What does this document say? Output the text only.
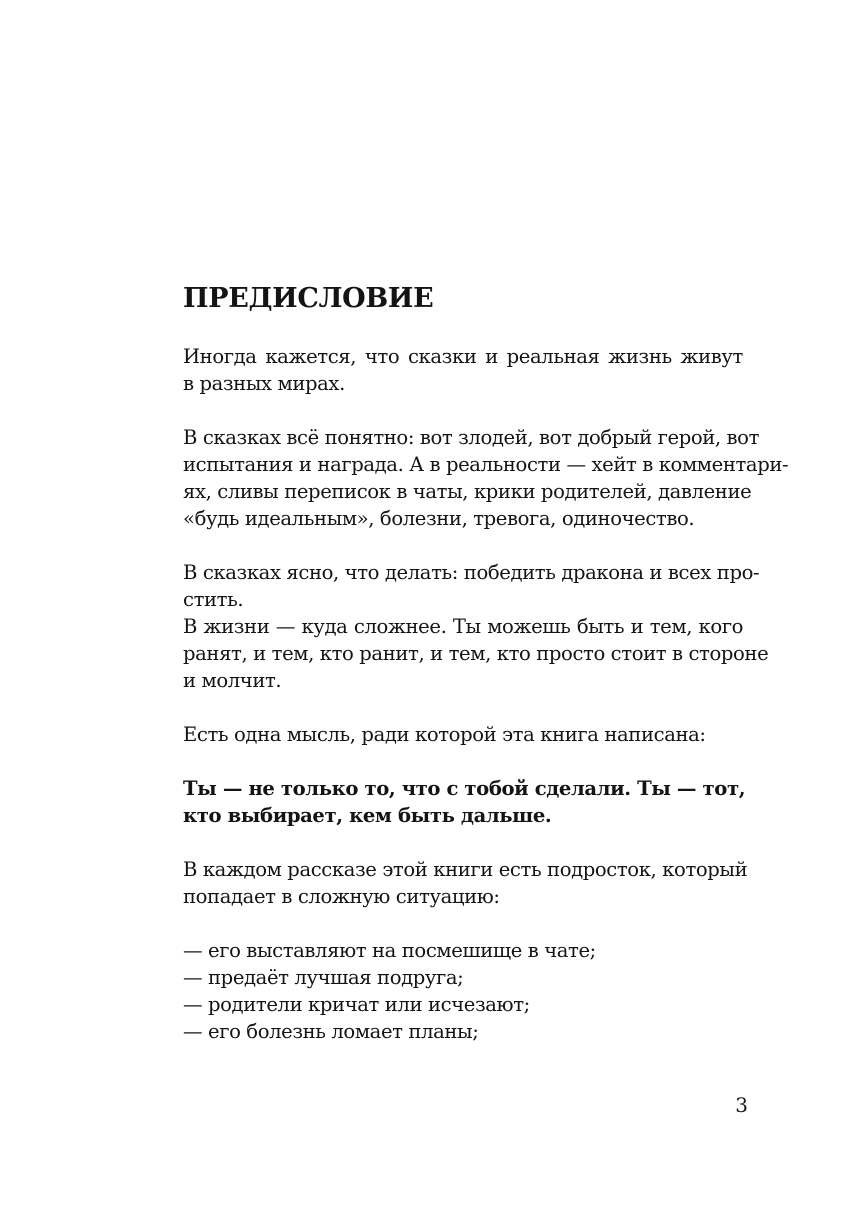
ПРЕДИСЛОВИЕ

Иногда кажется, что сказки и реальная жизнь живут
в разных мирах.

В сказках всё понятно: вот злодей, вот добрый герой, вот
испытания и награда. А в реальности — хейт в комментари-
ях, сливы переписок в чаты, крики родителей, давление
«будь идеальным», болезни, тревога, одиночество.

В сказках ясно, что делать: победить дракона и всех про-
стить.

В жизни — куда сложнее. Ты можешь быть и тем, кого
ранят, и тем, кто ранит, и тем, кто просто стоит в стороне
и молчит.

Есть одна мысль, ради которой эта книга написана:

Ты — не только то, что с тобой сделали. Ты — тот,
кто выбирает, кем быть дальше.

В каждом рассказе этой книги есть подросток, который
попадает в сложную ситуацию:

— его выставляют на посмешище в чате;
— предаёт лучшая подруга;
— родители кричат или исчезают;
— его болезнь ломает планы;
3
